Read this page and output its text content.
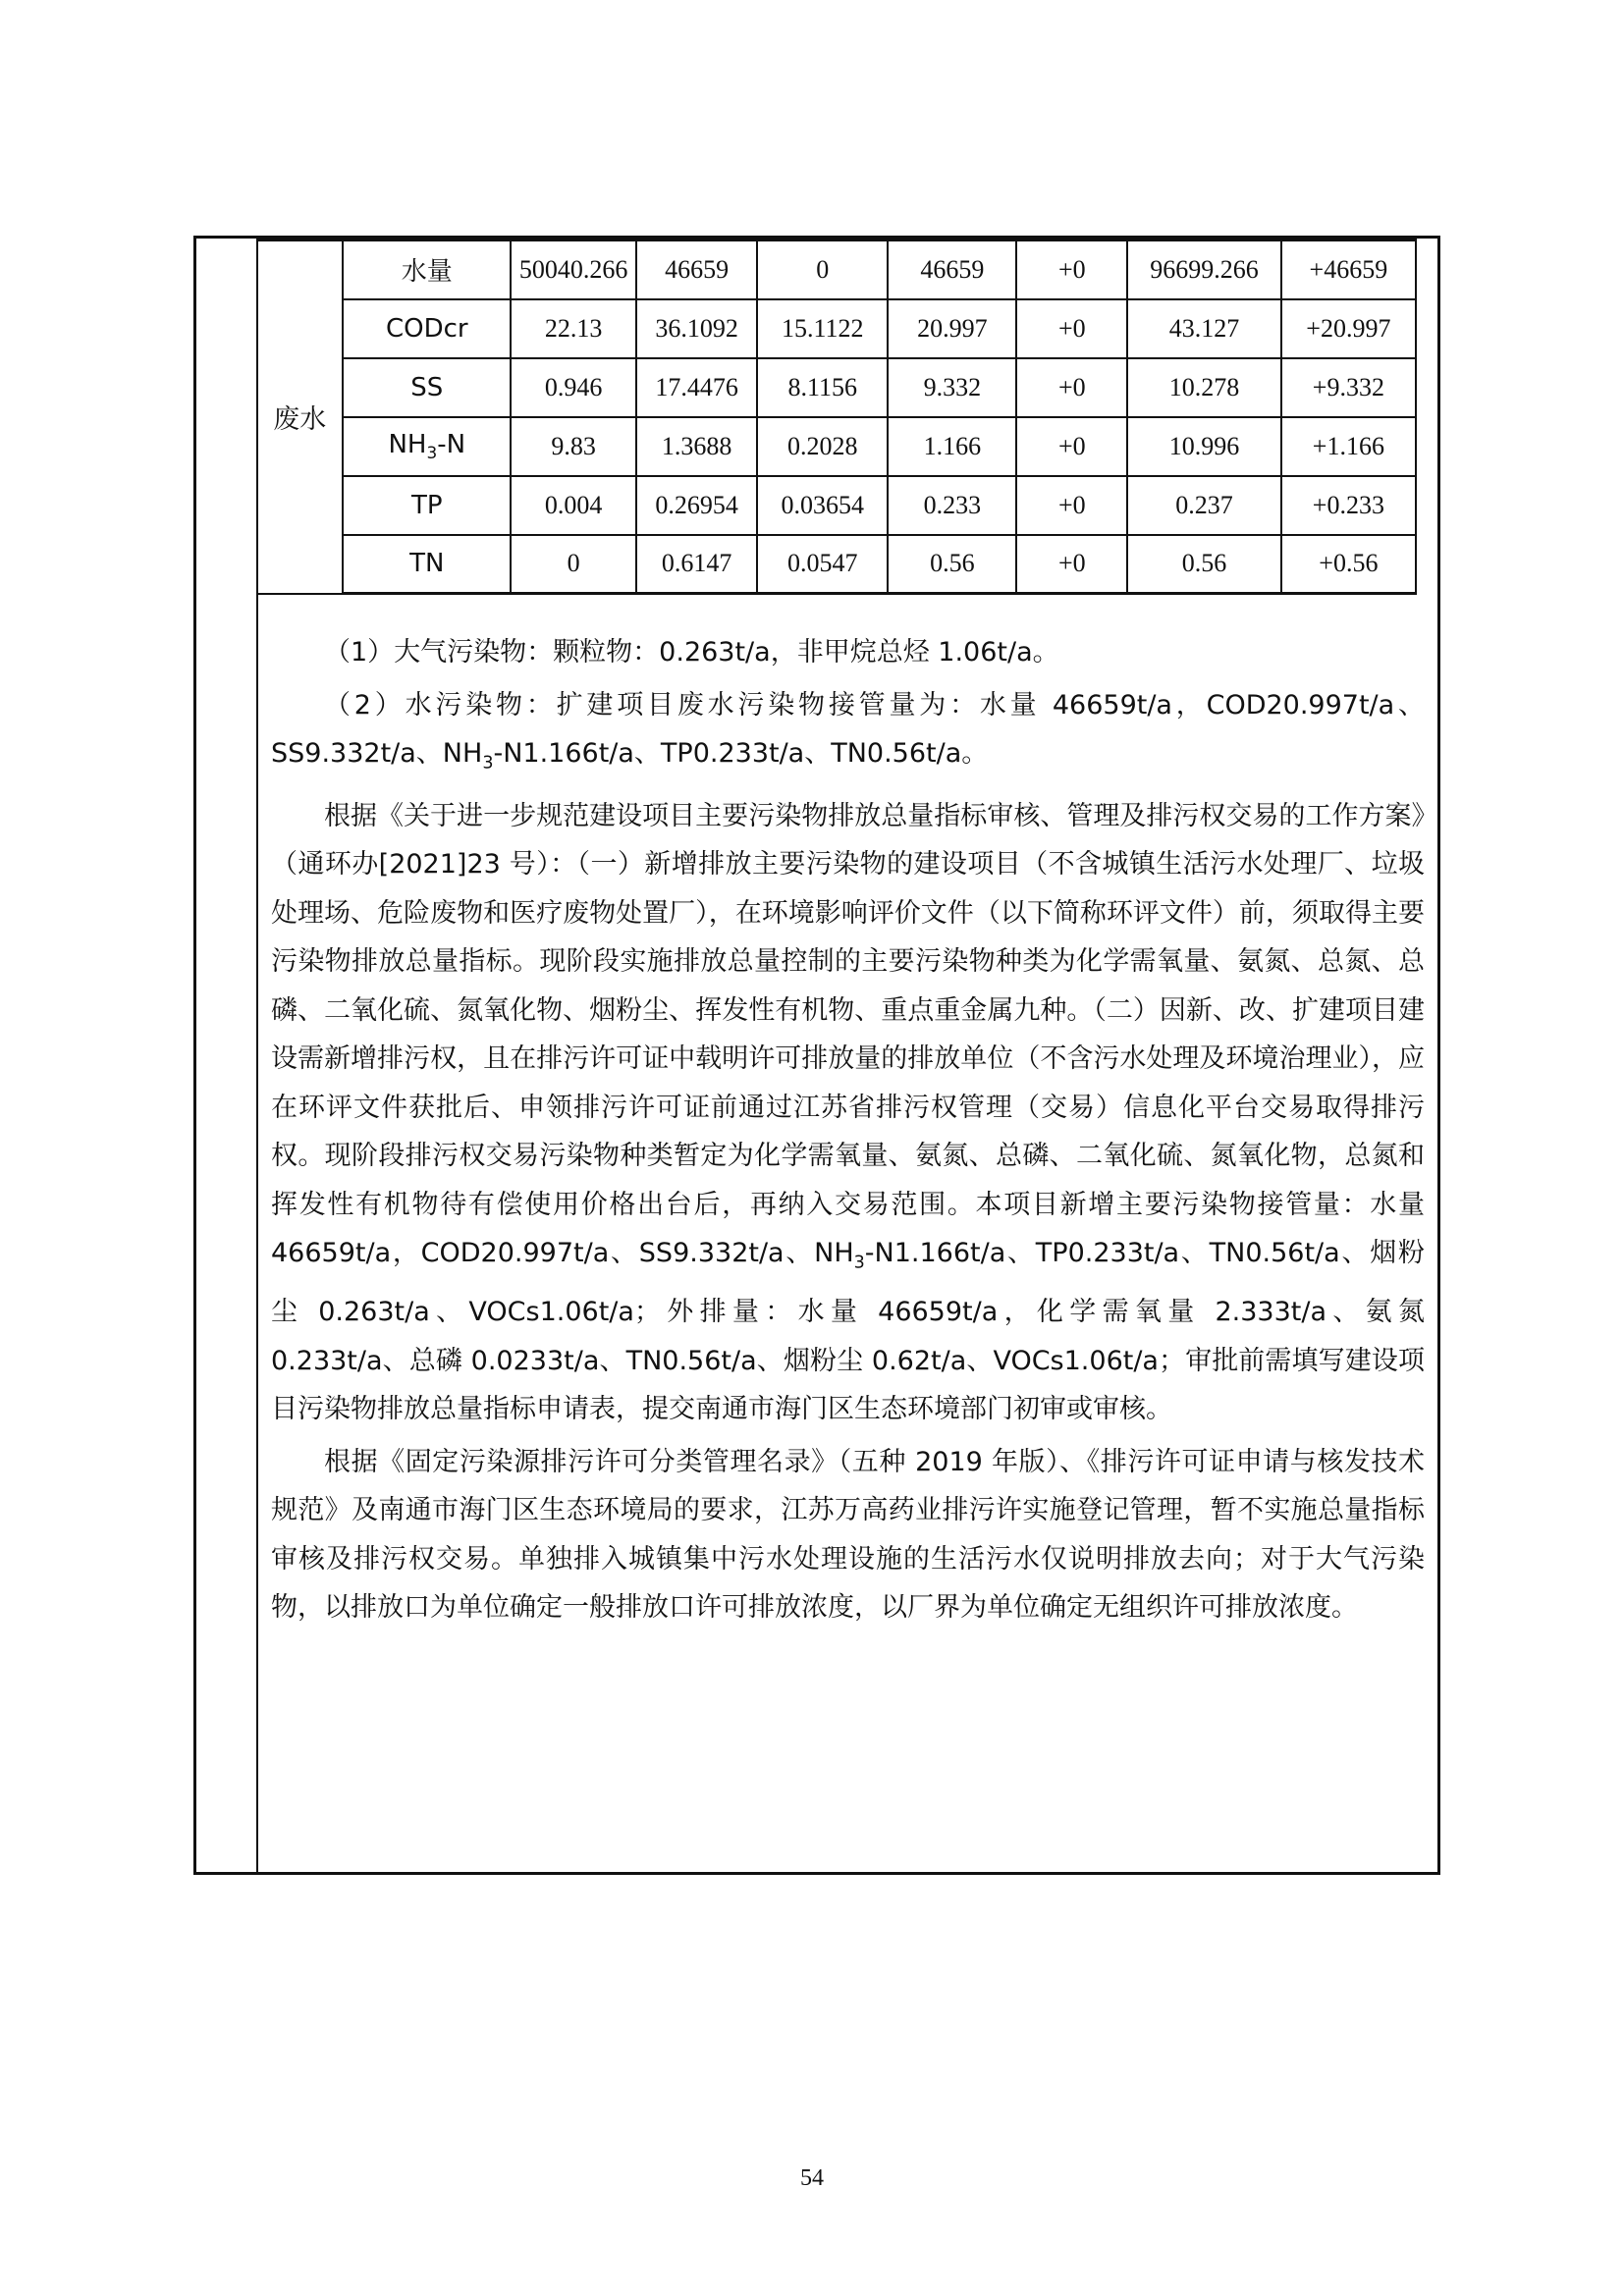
废水	水量	50040.266	46659	0	46659	+0	96699.266	+46659
	CODcr	22.13	36.1092	15.1122	20.997	+0	43.127	+20.997
	SS	0.946	17.4476	8.1156	9.332	+0	10.278	+9.332
	$NH_3-N$	9.83	1.3688	0.2028	1.166	+0	10.996	+1.166
	TP	0.004	0.26954	0.03654	0.233	+0	0.237	+0.233
	TN	0	0.6147	0.0547	0.56	+0	0.56	+0.56

（1）大气污染物：颗粒物：0.263t/a，非甲烷总烃 1.06t/a。

（2）水污染物：扩建项目废水污染物接管量为：水量 46659t/a，COD20.997t/a、SS9.332t/a、$NH_3-N1.166t/a$、TP0.233t/a、TN0.56t/a。

根据《关于进一步规范建设项目主要污染物排放总量指标审核、管理及排污权交易的工作方案》（通环办[2021]23 号）：（一）新增排放主要污染物的建设项目（不含城镇生活污水处理厂、垃圾处理场、危险废物和医疗废物处置厂），在环境影响评价文件（以下简称环评文件）前，须取得主要污染物排放总量指标。现阶段实施排放总量控制的主要污染物种类为化学需氧量、氨氮、总氮、总磷、二氧化硫、氮氧化物、烟粉尘、挥发性有机物、重点重金属九种。（二）因新、改、扩建项目建设需新增排污权，且在排污许可证中载明许可排放量的排放单位（不含污水处理及环境治理业），应在环评文件获批后、申领排污许可证前通过江苏省排污权管理（交易）信息化平台交易取得排污权。现阶段排污权交易污染物种类暂定为化学需氧量、氨氮、总磷、二氧化硫、氮氧化物，总氮和挥发性有机物待有偿使用价格出台后，再纳入交易范围。本项目新增主要污染物接管量：水量 46659t/a，COD20.997t/a、SS9.332t/a、$NH_3-N1.166t/a$、TP0.233t/a、TN0.56t/a、烟粉尘 0.263t/a、VOCs1.06t/a；外排量：水量 46659t/a，化学需氧量 2.333t/a、氨氮 0.233t/a、总磷 0.0233t/a、TN0.56t/a、烟粉尘 0.62t/a、VOCs1.06t/a；审批前需填写建设项目污染物排放总量指标申请表，提交南通市海门区生态环境部门初审或审核。

根据《固定污染源排污许可分类管理名录》（五种 2019 年版）、《排污许可证申请与核发技术规范》及南通市海门区生态环境局的要求，江苏万高药业排污许实施登记管理，暂不实施总量指标审核及排污权交易。单独排入城镇集中污水处理设施的生活污水仅说明排放去向；对于大气污染物，以排放口为单位确定一般排放口许可排放浓度，以厂界为单位确定无组织许可排放浓度。

54
